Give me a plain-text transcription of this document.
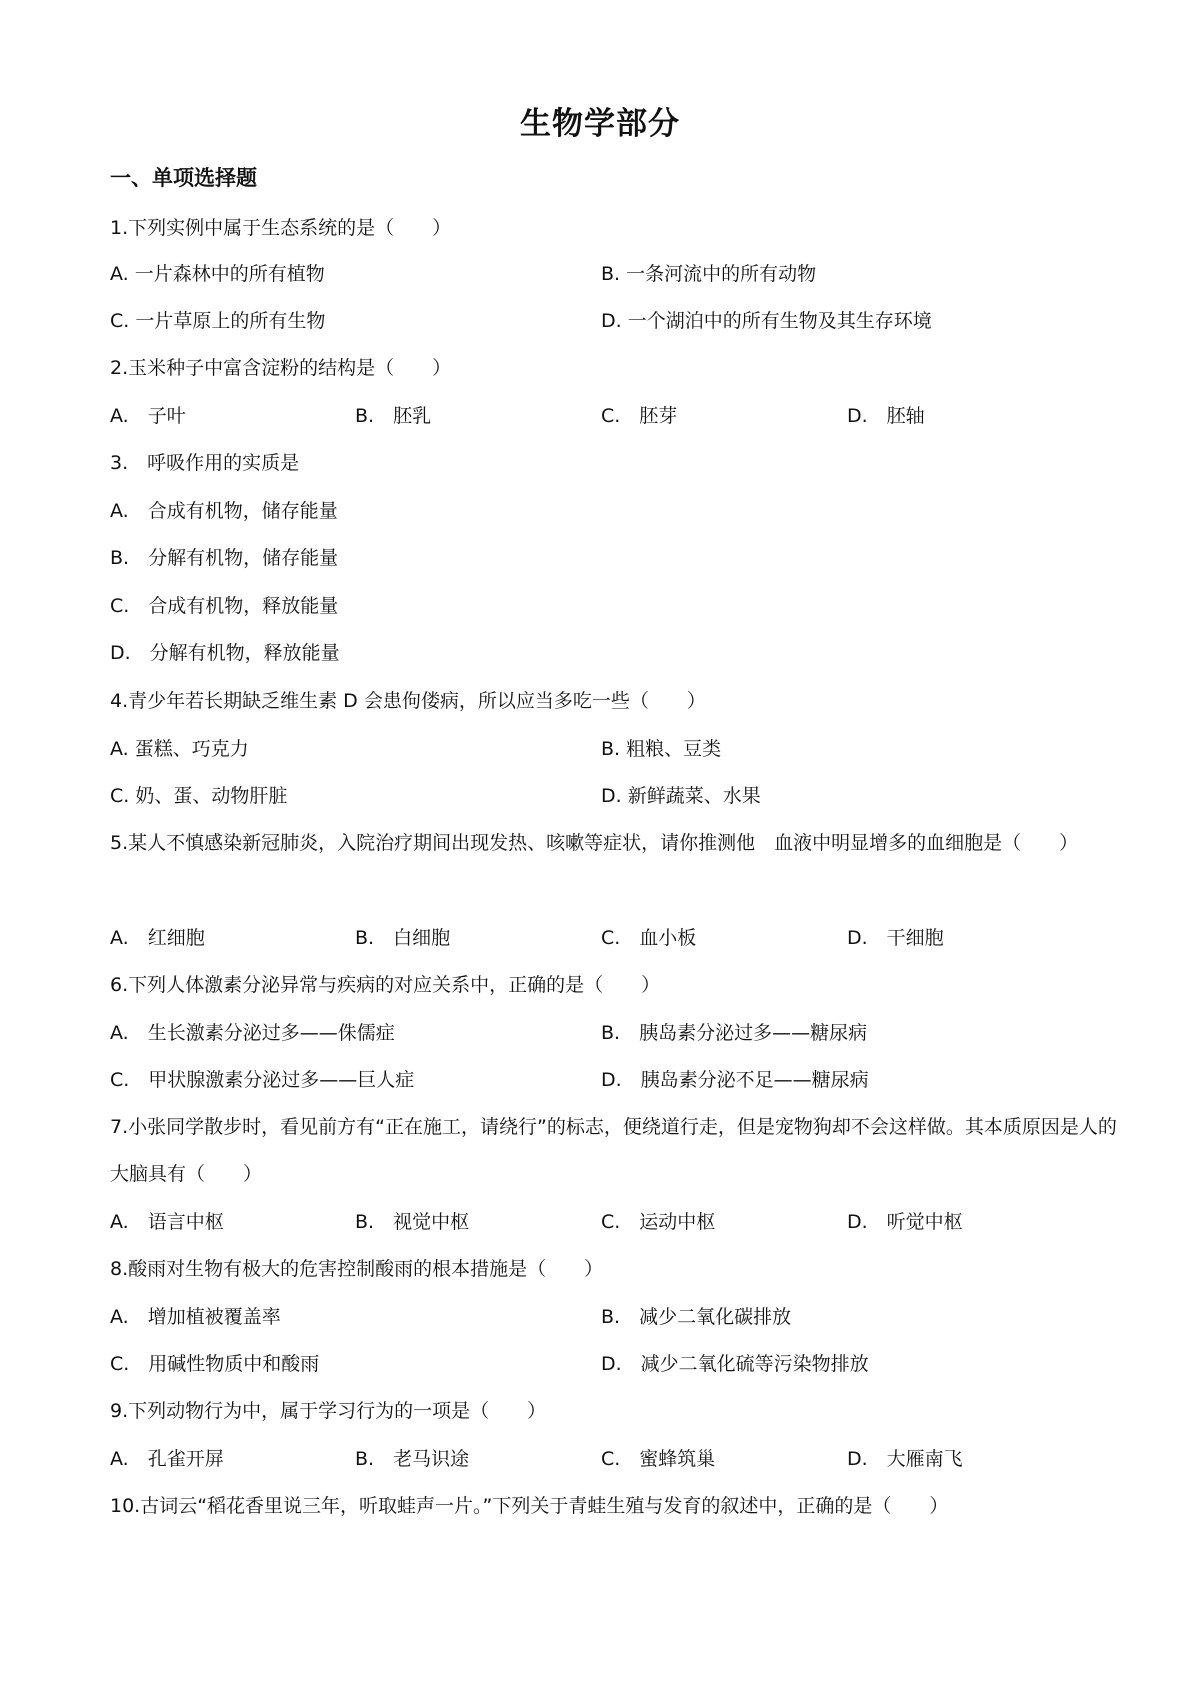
生物学部分
一、单项选择题
1.下列实例中属于生态系统的是（　　）
A. 一片森林中的所有植物	B. 一条河流中的所有动物
C. 一片草原上的所有生物	D. 一个湖泊中的所有生物及其生存环境
2.玉米种子中富含淀粉的结构是（　　）
A.　子叶	B.　胚乳	C.　胚芽	D.　胚轴
3.　呼吸作用的实质是
A.　合成有机物，储存能量
B.　分解有机物，储存能量
C.　合成有机物，释放能量
D.　分解有机物，释放能量
4.青少年若长期缺乏维生素 D 会患佝偻病，所以应当多吃一些（　　）
A. 蛋糕、巧克力	B. 粗粮、豆类
C. 奶、蛋、动物肝脏	D. 新鲜蔬菜、水果
5.某人不慎感染新冠肺炎，入院治疗期间出现发热、咳嗽等症状，请你推测他　血液中明显增多的血细胞是（　　）
A.　红细胞	B.　白细胞	C.　血小板	D.　干细胞
6.下列人体激素分泌异常与疾病的对应关系中，正确的是（　　）
A.　生长激素分泌过多——侏儒症	B.　胰岛素分泌过多——糖尿病
C.　甲状腺激素分泌过多——巨人症	D.　胰岛素分泌不足——糖尿病
7.小张同学散步时，看见前方有“正在施工，请绕行”的标志，便绕道行走，但是宠物狗却不会这样做。其本质原因是人的大脑具有（　　）
A.　语言中枢	B.　视觉中枢	C.　运动中枢	D.　听觉中枢
8.酸雨对生物有极大的危害控制酸雨的根本措施是（　　）
A.　增加植被覆盖率	B.　减少二氧化碳排放
C.　用碱性物质中和酸雨	D.　减少二氧化硫等污染物排放
9.下列动物行为中，属于学习行为的一项是（　　）
A.　孔雀开屏	B.　老马识途	C.　蜜蜂筑巢	D.　大雁南飞
10.古词云“稻花香里说三年，听取蛙声一片。”下列关于青蛙生殖与发育的叙述中，正确的是（　　）
